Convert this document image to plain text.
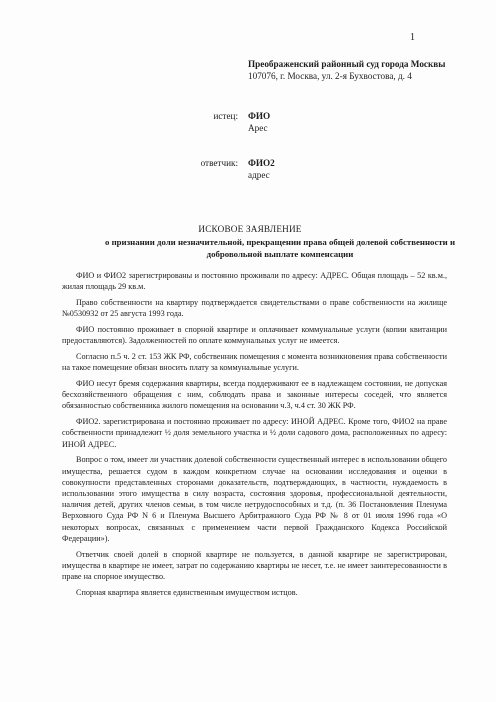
1
Преображенский районный суд города Москвы
107076, г. Москва, ул. 2-я Бухвостова, д. 4
истец: ФИО
Арес
ответчик: ФИО2
адрес
ИСКОВОЕ ЗАЯВЛЕНИЕ
о признании доли незначительной, прекращении права общей долевой собственности и добровольной выплате компенсации

ФИО и ФИО2 зарегистрированы и постоянно проживали по адресу: АДРЕС. Общая площадь – 52 кв.м., жилая площадь 29 кв.м.

Право собственности на квартиру подтверждается свидетельствами о праве собственности на жилище №0530932 от 25 августа 1993 года.

ФИО постоянно проживает в спорной квартире и оплачивает коммунальные услуги (копии квитанции предоставляются). Задолженностей по оплате коммунальных услуг не имеется.

Согласно п.5 ч. 2 ст. 153 ЖК РФ, собственник помещения с момента возникновения права собственности на такое помещение обязан вносить плату за коммунальные услуги.

ФИО несут бремя содержания квартиры, всегда поддерживают ее в надлежащем состоянии, не допуская бесхозяйственного обращения с ним, соблюдать права и законные интересы соседей, что является обязанностью собственника жилого помещения на основании ч.3, ч.4 ст. 30 ЖК РФ.

ФИО2. зарегистрирована и постоянно проживает по адресу: ИНОЙ АДРЕС. Кроме того, ФИО2 на праве собственности принадлежит ½ доля земельного участка и ½ доли садового дома, расположенных по адресу: ИНОЙ АДРЕС.

Вопрос о том, имеет ли участник долевой собственности существенный интерес в использовании общего имущества, решается судом в каждом конкретном случае на основании исследования и оценки в совокупности представленных сторонами доказательств, подтверждающих, в частности, нуждаемость в использовании этого имущества в силу возраста, состояния здоровья, профессиональной деятельности, наличия детей, других членов семьи, в том числе нетрудоспособных и т.д. (п. 36 Постановления Пленума Верховного Суда РФ N 6 и Пленума Высшего Арбитражного Суда РФ № 8 от 01 июля 1996 года «О некоторых вопросах, связанных с применением части первой Гражданского Кодекса Российской Федерации»).

Ответчик своей долей в спорной квартире не пользуется, в данной квартире не зарегистрирован, имущества в квартире не имеет, затрат по содержанию квартиры не несет, т.е. не имеет заинтересованности в праве на спорное имущество.

Спорная квартира является единственным имуществом истцов.
